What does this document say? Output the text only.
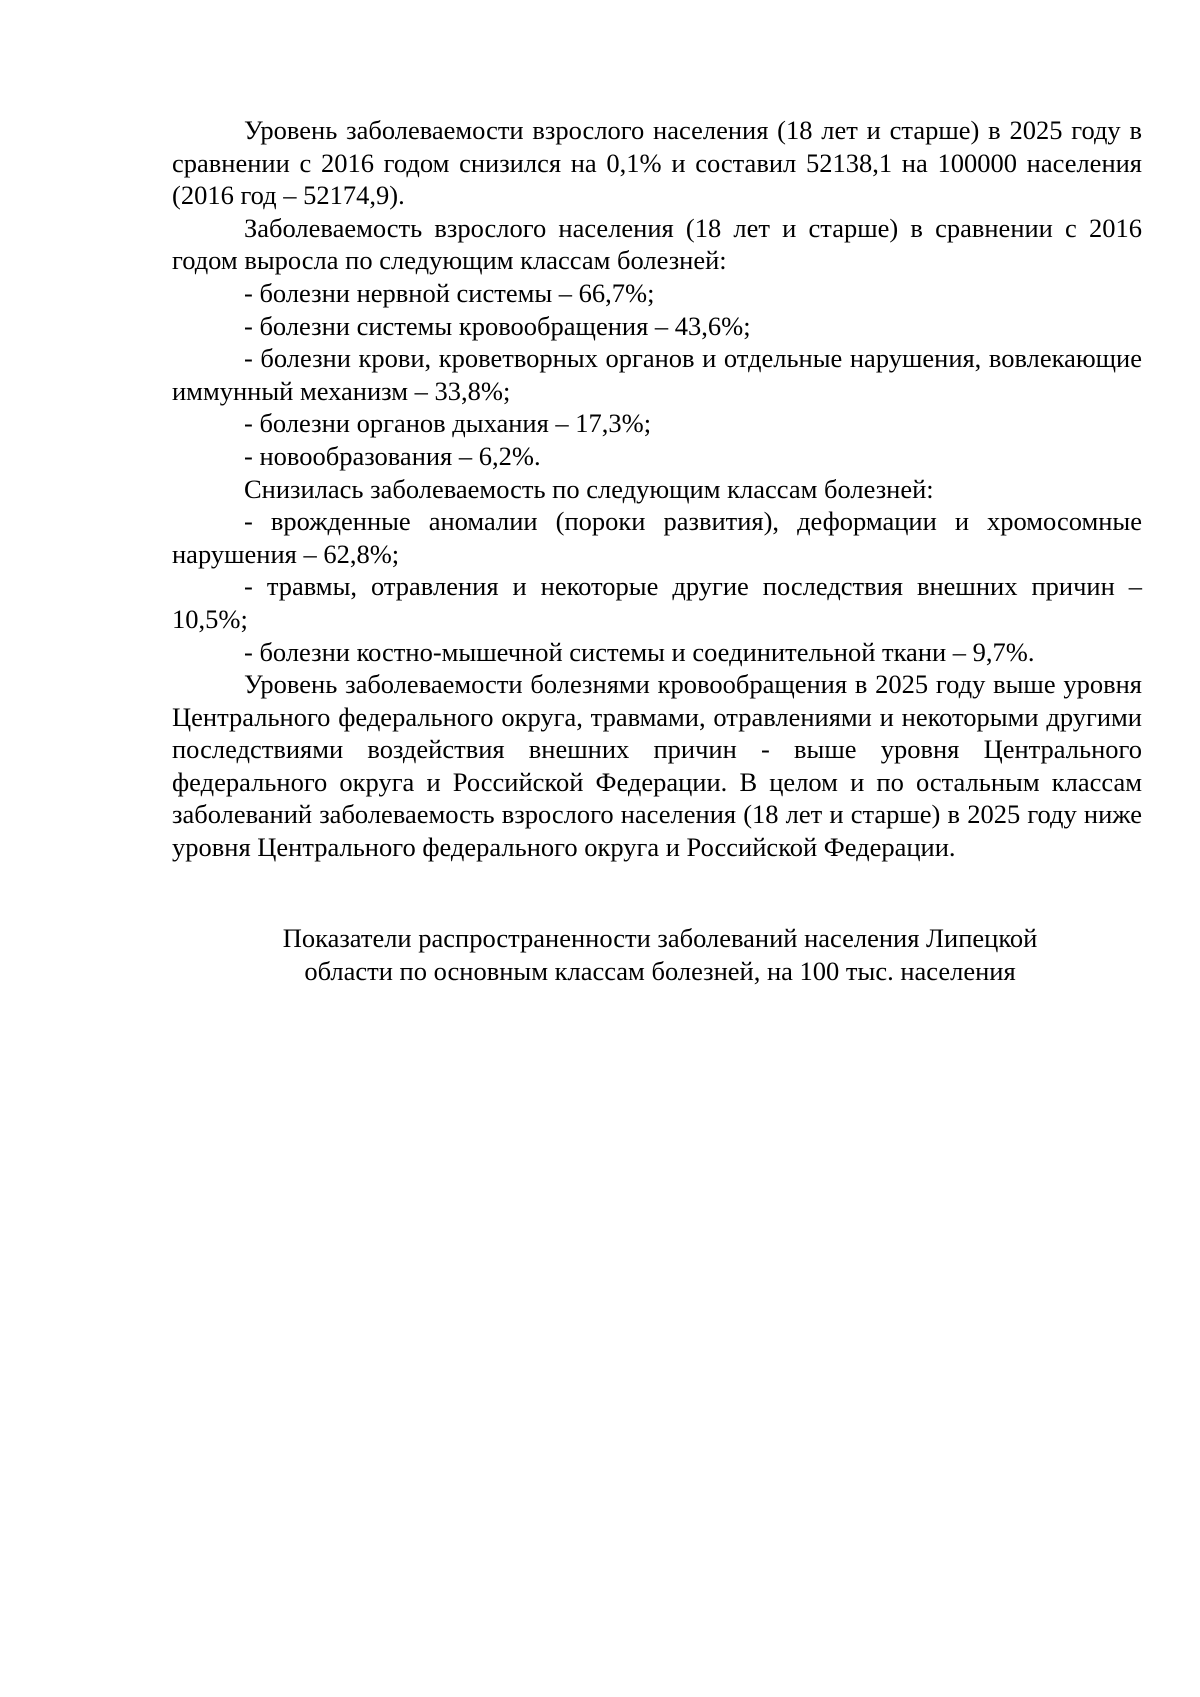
Уровень заболеваемости взрослого населения (18 лет и старше) в 2025 году в сравнении с 2016 годом снизился на 0,1% и составил 52138,1 на 100000 населения (2016 год – 52174,9).

Заболеваемость взрослого населения (18 лет и старше) в сравнении с 2016 годом выросла по следующим классам болезней:

- болезни нервной системы – 66,7%;

- болезни системы кровообращения – 43,6%;

- болезни крови, кроветворных органов и отдельные нарушения, вовлекающие иммунный механизм – 33,8%;

- болезни органов дыхания – 17,3%;

- новообразования – 6,2%.

Снизилась заболеваемость по следующим классам болезней:

- врожденные аномалии (пороки развития), деформации и хромосомные нарушения – 62,8%;

- травмы, отравления и некоторые другие последствия внешних причин – 10,5%;

- болезни костно-мышечной системы и соединительной ткани – 9,7%.

Уровень заболеваемости болезнями кровообращения в 2025 году выше уровня Центрального федерального округа, травмами, отравлениями и некоторыми другими последствиями воздействия внешних причин - выше уровня Центрального федерального округа и Российской Федерации. В целом и по остальным классам заболеваний заболеваемость взрослого населения (18 лет и старше) в 2025 году ниже уровня Центрального федерального округа и Российской Федерации.

Показатели распространенности заболеваний населения Липецкой

области по основным классам болезней, на 100 тыс. населения
